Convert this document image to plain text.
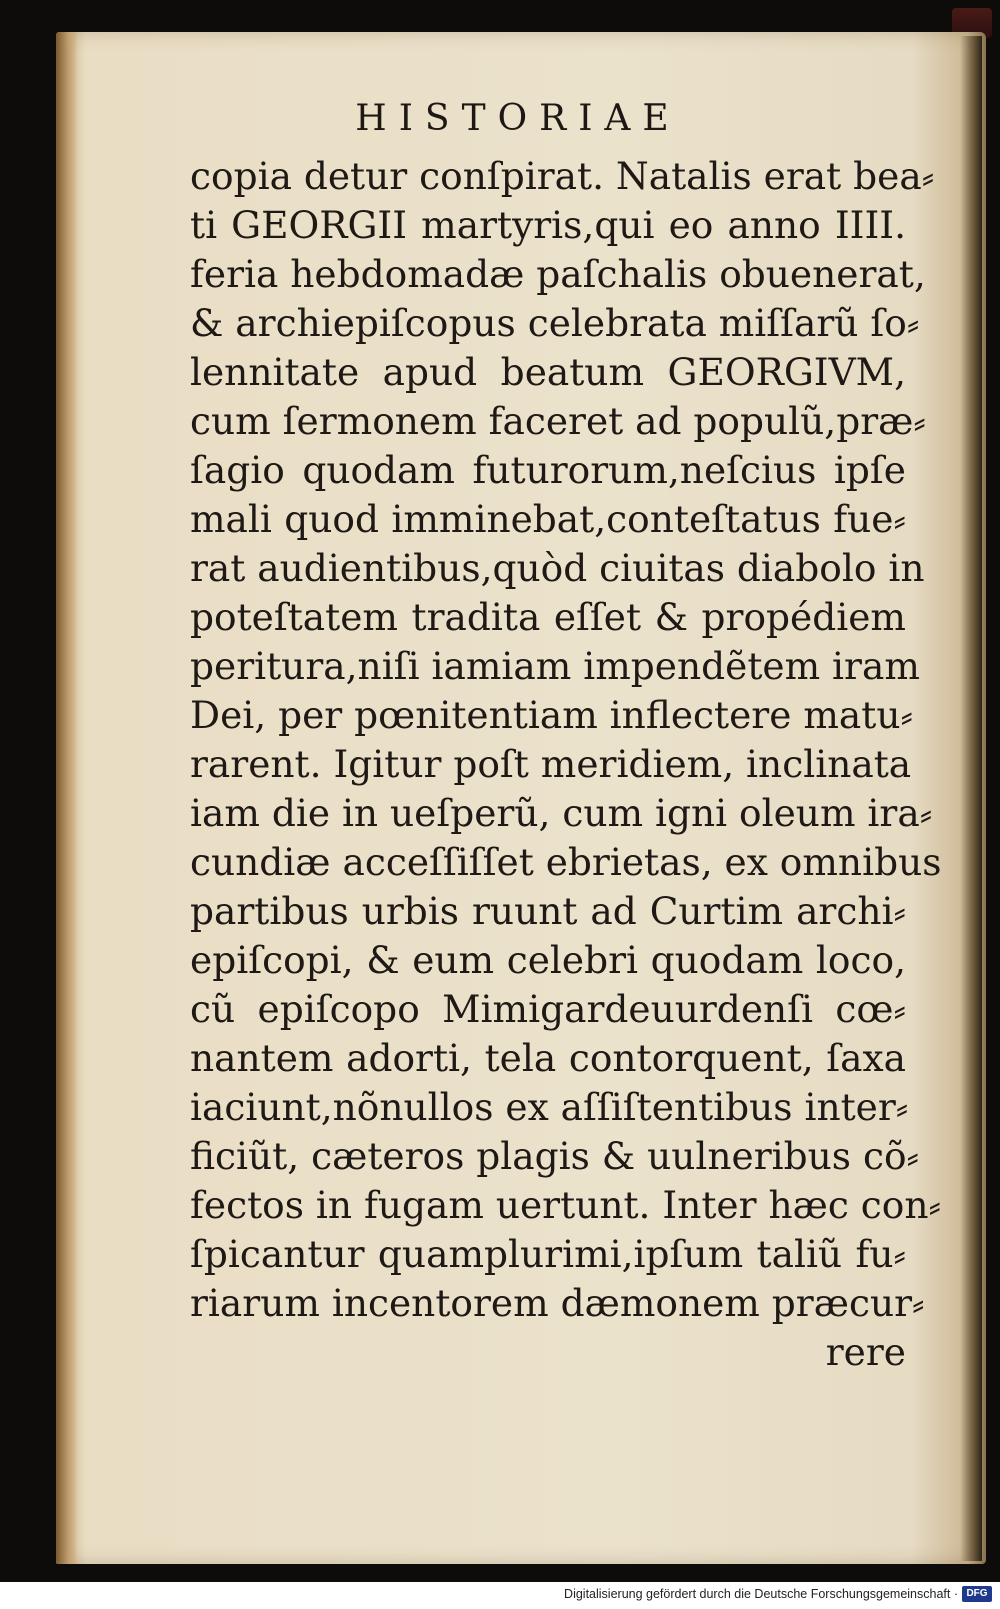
HISTORIAE
copia detur conſpirat. Natalis erat bea⸗
ti GEORGII martyris,qui eo anno IIII.
feria hebdomadæ paſchalis obuenerat,
& archiepiſcopus celebrata miſſarũ ſo⸗
lennitate apud beatum GEORGIVM,
cum ſermonem faceret ad populũ,præ⸗
ſagio quodam futurorum,neſcius ipſe
mali quod imminebat,conteſtatus fue⸗
rat audientibus,quòd ciuitas diabolo in
poteſtatem tradita eſſet & propédiem
peritura,niſi iamiam impendẽtem iram
Dei, per pœnitentiam inflectere matu⸗
rarent. Igitur poſt meridiem, inclinata
iam die in ueſperũ, cum igni oleum ira⸗
cundiæ acceſſiſſet ebrietas, ex omnibus
partibus urbis ruunt ad Curtim archi⸗
epiſcopi, & eum celebri quodam loco,
cũ epiſcopo Mimigardeuurdenſi cœ⸗
nantem adorti, tela contorquent, ſaxa
iaciunt,nõnullos ex aſſiſtentibus inter⸗
ficiũt, cæteros plagis & uulneribus cõ⸗
fectos in fugam uertunt. Inter hæc con⸗
ſpicantur quamplurimi,ipſum taliũ fu⸗
riarum incentorem dæmonem præcur⸗
rere
Digitalisierung gefördert durch die Deutsche Forschungsgemeinschaft · DFG
